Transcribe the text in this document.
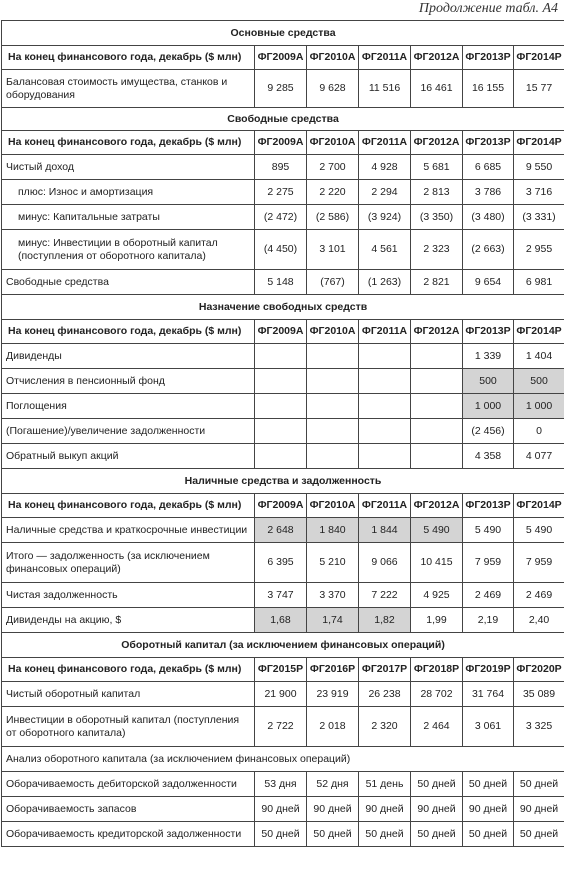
Продолжение табл. А4
Основные средства						
На конец финансового года, декабрь ($ млн)	ФГ2009А	ФГ2010А	ФГ2011А	ФГ2012А	ФГ2013Р	ФГ2014Р
Балансовая стоимость имущества, станков и оборудования	9 285	9 628	11 516	16 461	16 155	15 77
Свободные средства						
На конец финансового года, декабрь ($ млн)	ФГ2009А	ФГ2010А	ФГ2011А	ФГ2012А	ФГ2013Р	ФГ2014Р
Чистый доход	895	2 700	4 928	5 681	6 685	9 550
плюс: Износ и амортизация	2 275	2 220	2 294	2 813	3 786	3 716
минус: Капитальные затраты	(2 472)	(2 586)	(3 924)	(3 350)	(3 480)	(3 331)
минус: Инвестиции в оборотный капитал (поступления от оборотного капитала)	(4 450)	3 101	4 561	2 323	(2 663)	2 955
Свободные средства	5 148	(767)	(1 263)	2 821	9 654	6 981
Назначение свободных средств						
На конец финансового года, декабрь ($ млн)	ФГ2009А	ФГ2010А	ФГ2011А	ФГ2012А	ФГ2013Р	ФГ2014Р
Дивиденды					1 339	1 404
Отчисления в пенсионный фонд					500	500
Поглощения					1 000	1 000
(Погашение)/увеличение задолженности					(2 456)	0
Обратный выкуп акций					4 358	4 077
Наличные средства и задолженность						
На конец финансового года, декабрь ($ млн)	ФГ2009А	ФГ2010А	ФГ2011А	ФГ2012А	ФГ2013Р	ФГ2014Р
Наличные средства и краткосрочные инвестиции	2 648	1 840	1 844	5 490	5 490	5 490
Итого — задолженность (за исключением финансовых операций)	6 395	5 210	9 066	10 415	7 959	7 959
Чистая задолженность	3 747	3 370	7 222	4 925	2 469	2 469
Дивиденды на акцию, $	1,68	1,74	1,82	1,99	2,19	2,40
Оборотный капитал (за исключением финансовых операций)						
На конец финансового года, декабрь ($ млн)	ФГ2015Р	ФГ2016Р	ФГ2017Р	ФГ2018Р	ФГ2019Р	ФГ2020Р
Чистый оборотный капитал	21 900	23 919	26 238	28 702	31 764	35 089
Инвестиции в оборотный капитал (поступления от оборотного капитала)	2 722	2 018	2 320	2 464	3 061	3 325
Анализ оборотного капитала (за исключением финансовых операций)						
Оборачиваемость дебиторской задолженности	53 дня	52 дня	51 день	50 дней	50 дней	50 дней
Оборачиваемость запасов	90 дней	90 дней	90 дней	90 дней	90 дней	90 дней
Оборачиваемость кредиторской задолженности	50 дней	50 дней	50 дней	50 дней	50 дней	50 дней
